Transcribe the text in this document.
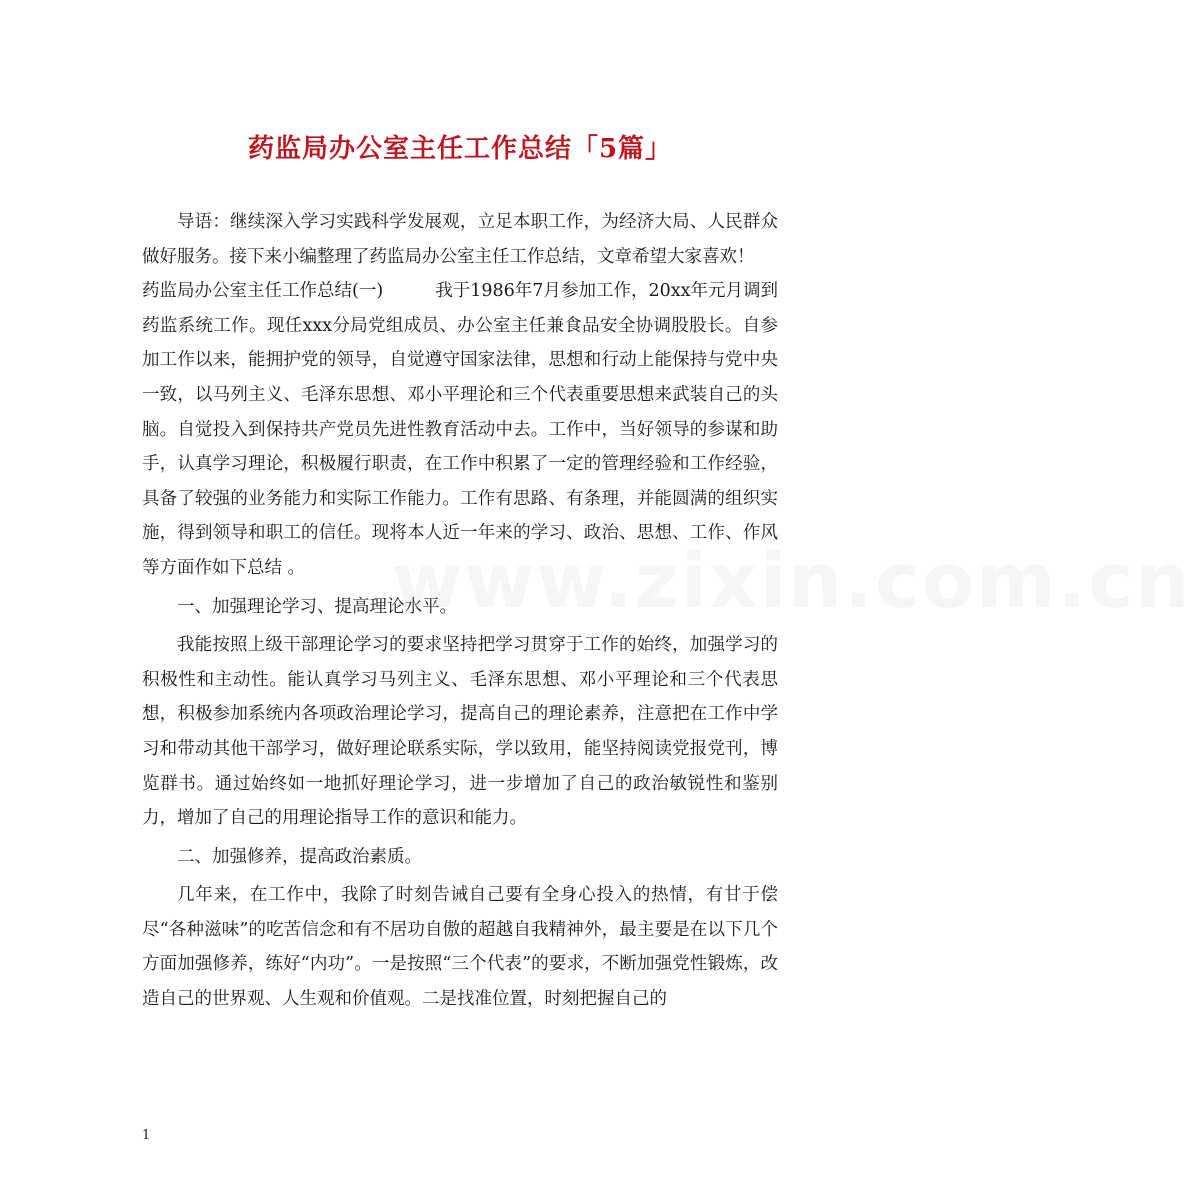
药监局办公室主任工作总结「5篇」

导语：继续深入学习实践科学发展观，立足本职工作，为经济大局、人民群众做好服务。接下来小编整理了药监局办公室主任工作总结，文章希望大家喜欢！

药监局办公室主任工作总结(一)	我于1986年7月参加工作，20xx年元月调到药监系统工作。现任xxx分局党组成员、办公室主任兼食品安全协调股股长。自参加工作以来，能拥护党的领导，自觉遵守国家法律，思想和行动上能保持与党中央一致，以马列主义、毛泽东思想、邓小平理论和三个代表重要思想来武装自己的头脑。自觉投入到保持共产党员先进性教育活动中去。工作中，当好领导的参谋和助手，认真学习理论，积极履行职责，在工作中积累了一定的管理经验和工作经验，具备了较强的业务能力和实际工作能力。工作有思路、有条理，并能圆满的组织实施，得到领导和职工的信任。现将本人近一年来的学习、政治、思想、工作、作风等方面作如下总结 。

一、加强理论学习、提高理论水平。

我能按照上级干部理论学习的要求坚持把学习贯穿于工作的始终，加强学习的积极性和主动性。能认真学习马列主义、毛泽东思想、邓小平理论和三个代表思想，积极参加系统内各项政治理论学习，提高自己的理论素养，注意把在工作中学习和带动其他干部学习，做好理论联系实际，学以致用，能坚持阅读党报党刊，博览群书。通过始终如一地抓好理论学习，进一步增加了自己的政治敏锐性和鉴别力，增加了自己的用理论指导工作的意识和能力。

二、加强修养，提高政治素质。

几年来，在工作中，我除了时刻告诫自己要有全身心投入的热情，有甘于偿尽“各种滋味”的吃苦信念和有不居功自傲的超越自我精神外，最主要是在以下几个方面加强修养，练好“内功”。一是按照“三个代表”的要求，不断加强党性锻炼，改造自己的世界观、人生观和价值观。二是找准位置，时刻把握自己的

www.zixin.com.cn
1
